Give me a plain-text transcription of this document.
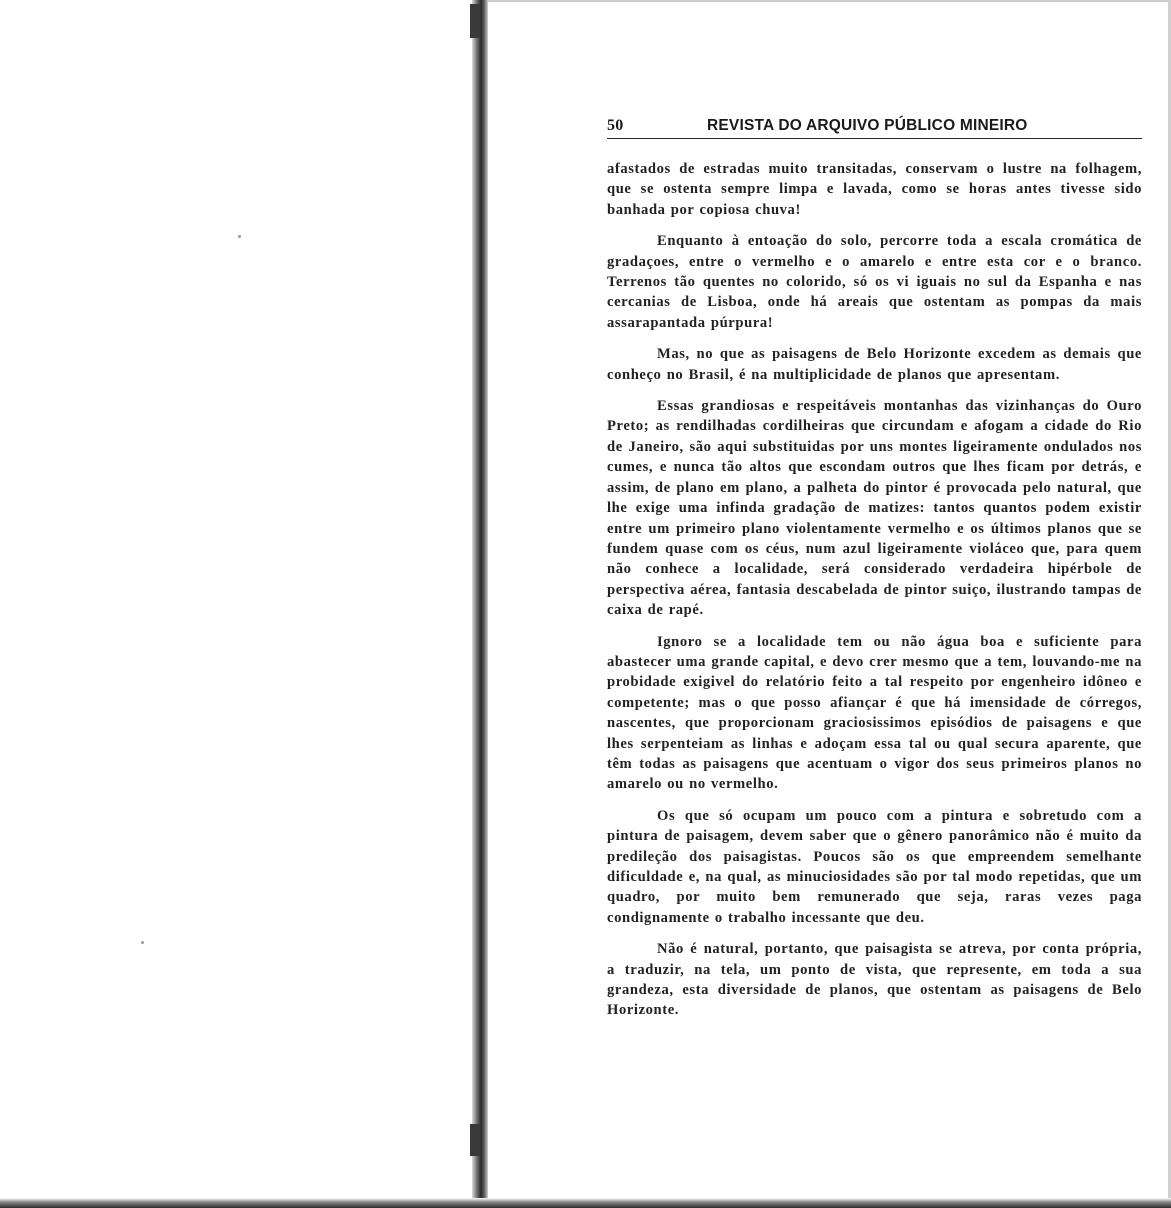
50	REVISTA DO ARQUIVO PÚBLICO MINEIRO

afastados de estradas muito transitadas, conservam o lustre na folhagem, que se ostenta sempre limpa e lavada, como se horas antes tivesse sido banhada por copiosa chuva!

Enquanto à entoação do solo, percorre toda a escala cromática de gradaçoes, entre o vermelho e o amarelo e entre esta cor e o branco. Terrenos tão quentes no colorido, só os vi iguais no sul da Espanha e nas cercanias de Lisboa, onde há areais que ostentam as pompas da mais assarapantada púrpura!

Mas, no que as paisagens de Belo Horizonte excedem as demais que conheço no Brasil, é na multiplicidade de planos que apresentam.

Essas grandiosas e respeitáveis montanhas das vizinhanças do Ouro Preto; as rendilhadas cordilheiras que circundam e afogam a cidade do Rio de Janeiro, são aqui substituidas por uns montes ligeiramente ondulados nos cumes, e nunca tão altos que escondam outros que lhes ficam por detrás, e assim, de plano em plano, a palheta do pintor é provocada pelo natural, que lhe exige uma infinda gradação de matizes: tantos quantos podem existir entre um primeiro plano violentamente vermelho e os últimos planos que se fundem quase com os céus, num azul ligeiramente violáceo que, para quem não conhece a localidade, será considerado verdadeira hipérbole de perspectiva aérea, fantasia descabelada de pintor suiço, ilustrando tampas de caixa de rapé.

Ignoro se a localidade tem ou não água boa e suficiente para abastecer uma grande capital, e devo crer mesmo que a tem, louvando-me na probidade exigivel do relatório feito a tal respeito por engenheiro idôneo e competente; mas o que posso afiançar é que há imensidade de córregos, nascentes, que proporcionam graciosissimos episódios de paisagens e que lhes serpenteiam as linhas e adoçam essa tal ou qual secura aparente, que têm todas as paisagens que acentuam o vigor dos seus primeiros planos no amarelo ou no vermelho.

Os que só ocupam um pouco com a pintura e sobretudo com a pintura de paisagem, devem saber que o gênero panorâmico não é muito da predileção dos paisagistas. Poucos são os que empreendem semelhante dificuldade e, na qual, as minuciosidades são por tal modo repetidas, que um quadro, por muito bem remunerado que seja, raras vezes paga condignamente o trabalho incessante que deu.

Não é natural, portanto, que paisagista se atreva, por conta própria, a traduzir, na tela, um ponto de vista, que represente, em toda a sua grandeza, esta diversidade de planos, que ostentam as paisagens de Belo Horizonte.
